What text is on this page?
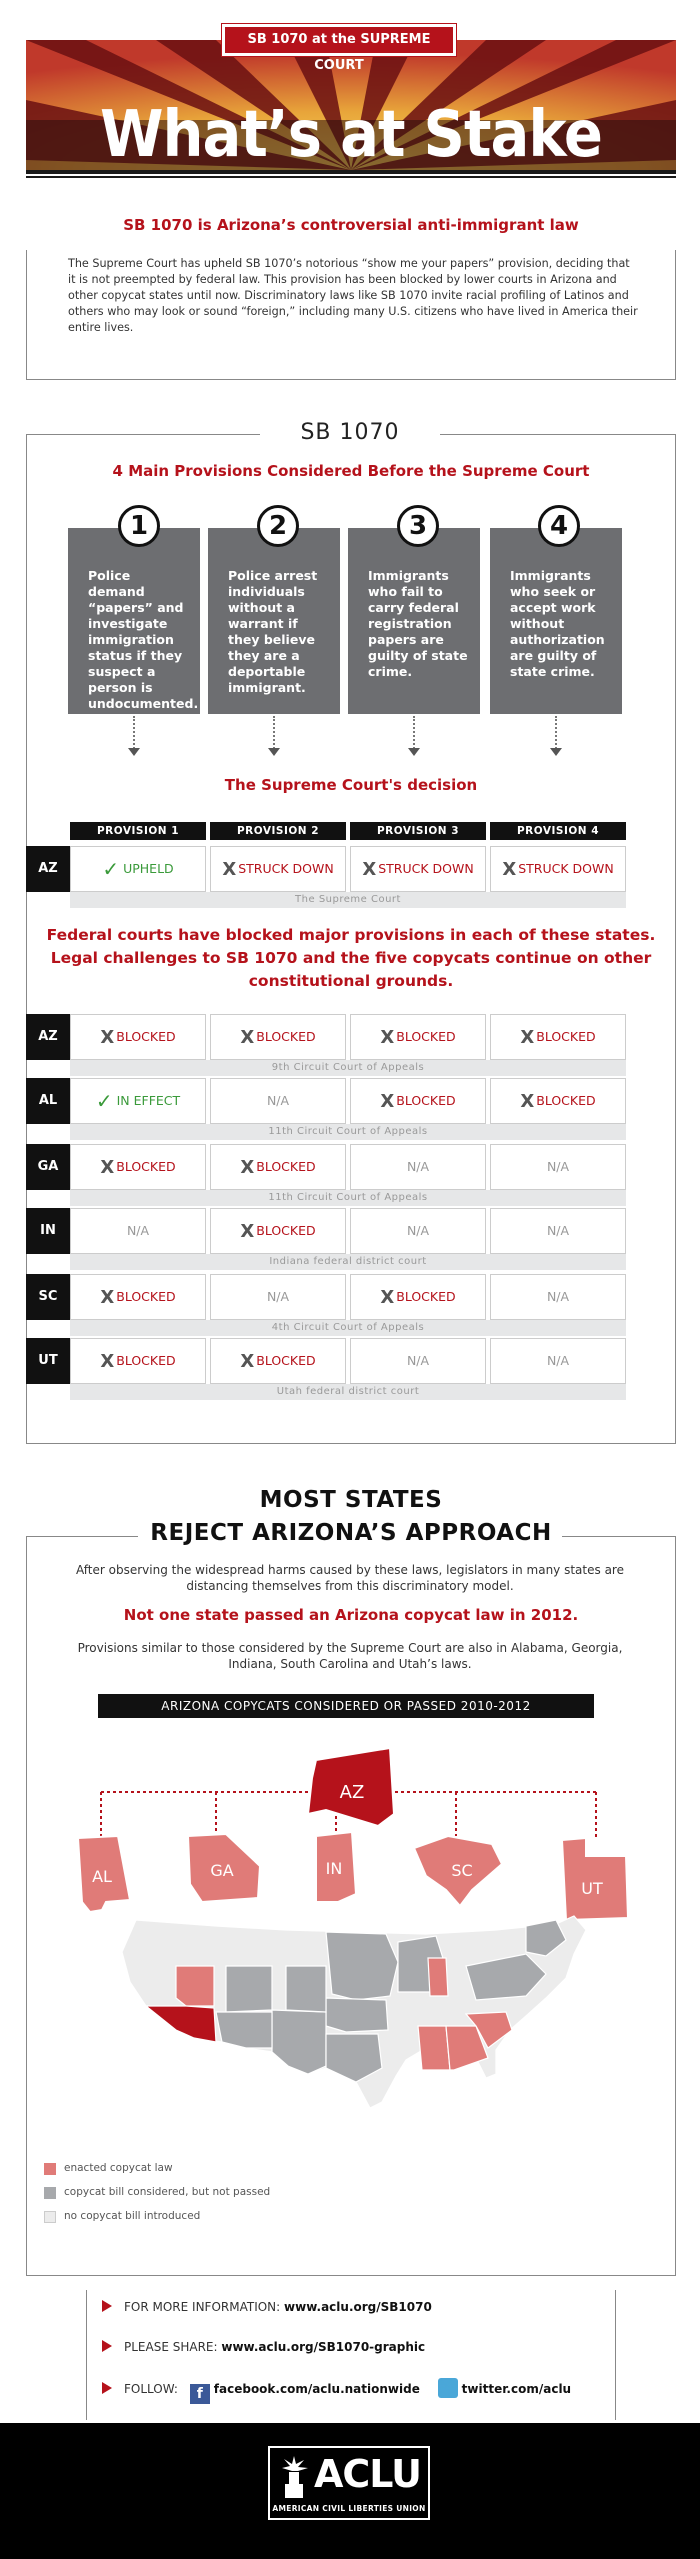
SB 1070 at the SUPREME COURT
What’s at Stake
SB 1070 is Arizona’s controversial anti-immigrant law
The Supreme Court has upheld SB 1070’s notorious “show me your papers” provision, deciding that it is not preempted by federal law. This provision has been blocked by lower courts in Arizona and other copycat states until now. Discriminatory laws like SB 1070 invite racial profiling of Latinos and others who may look or sound “foreign,” including many U.S. citizens who have lived in America their entire lives.
SB 1070
4 Main Provisions Considered Before the Supreme Court
1	2	3	4
Police demand “papers” and investigate immigration status if they suspect a person is undocumented.
Police arrest individuals without a warrant if they believe they are a deportable immigrant.
Immigrants who fail to carry federal registration papers are guilty of state crime.
Immigrants who seek or accept work without authorization are guilty of state crime.
The Supreme Court's decision
PROVISION 1	PROVISION 2	PROVISION 3	PROVISION 4
AZ	✓ UPHELD	X STRUCK DOWN	X STRUCK DOWN	X STRUCK DOWN
The Supreme Court
Federal courts have blocked major provisions in each of these states. Legal challenges to SB 1070 and the five copycats continue on other constitutional grounds.
AZ	X BLOCKED	X BLOCKED	X BLOCKED	X BLOCKED
9th Circuit Court of Appeals
AL	✓ IN EFFECT	N/A	X BLOCKED	X BLOCKED
11th Circuit Court of Appeals
GA	X BLOCKED	X BLOCKED	N/A	N/A
11th Circuit Court of Appeals
IN	N/A	X BLOCKED	N/A	N/A
Indiana federal district court
SC	X BLOCKED	N/A	X BLOCKED	N/A
4th Circuit Court of Appeals
UT	X BLOCKED	X BLOCKED	N/A	N/A
Utah federal district court
MOST STATES
REJECT ARIZONA’S APPROACH
After observing the widespread harms caused by these laws, legislators in many states are distancing themselves from this discriminatory model.
Not one state passed an Arizona copycat law in 2012.
Provisions similar to those considered by the Supreme Court are also in Alabama, Georgia, Indiana, South Carolina and Utah’s laws.
ARIZONA COPYCATS CONSIDERED OR PASSED 2010-2012
AZ
AL	GA	IN	SC
UT
enacted copycat law
copycat bill considered, but not passed
no copycat bill introduced
FOR MORE INFORMATION: www.aclu.org/SB1070
PLEASE SHARE: www.aclu.org/SB1070-graphic
FOLLOW: f facebook.com/aclu.nationwide	twitter.com/aclu
ACLU
AMERICAN CIVIL LIBERTIES UNION
